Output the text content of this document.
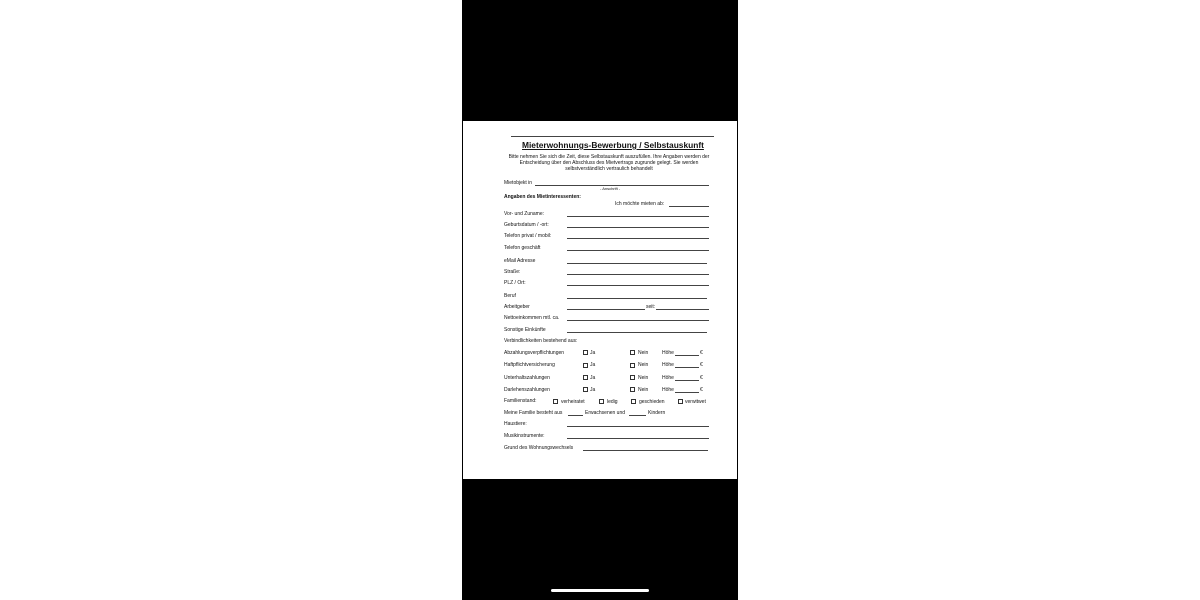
Mieterwohnungs-Bewerbung / Selbstauskunft
Bitte nehmen Sie sich die Zeit, diese Selbstauskunft auszufüllen. Ihre Angaben werden der Entscheidung über den Abschluss des Mietvertrags zugrunde gelegt. Sie werden selbstverständlich vertraulich behandelt
Mietobjekt in
- Anschrift -
Angaben des Mietinteressenten:
Ich möchte mieten ab:
Vor- und Zuname:
Geburtsdatum / -ort:
Telefon privat / mobil:
Telefon geschäft
eMail Adresse
Straße:
PLZ / Ort:
Beruf
Arbeitgeber	seit:
Nettoeinkommen mtl. ca.
Sonstige Einkünfte
Verbindlichkeiten bestehend aus:
Abzahlungsverpflichtungen	Ja	Nein	Höhe	€
Haftpflichtversicherung	Ja	Nein	Höhe	€
Unterhaltszahlungen	Ja	Nein	Höhe	€
Darlehenszahlungen	Ja	Nein	Höhe	€
Familienstand:	verheiratet	ledig	geschieden	verwitwet
Meine Familie besteht aus	Erwachsenen und	Kindern
Haustiere:
Musikinstrumente:
Grund des Wohnungswechsels
